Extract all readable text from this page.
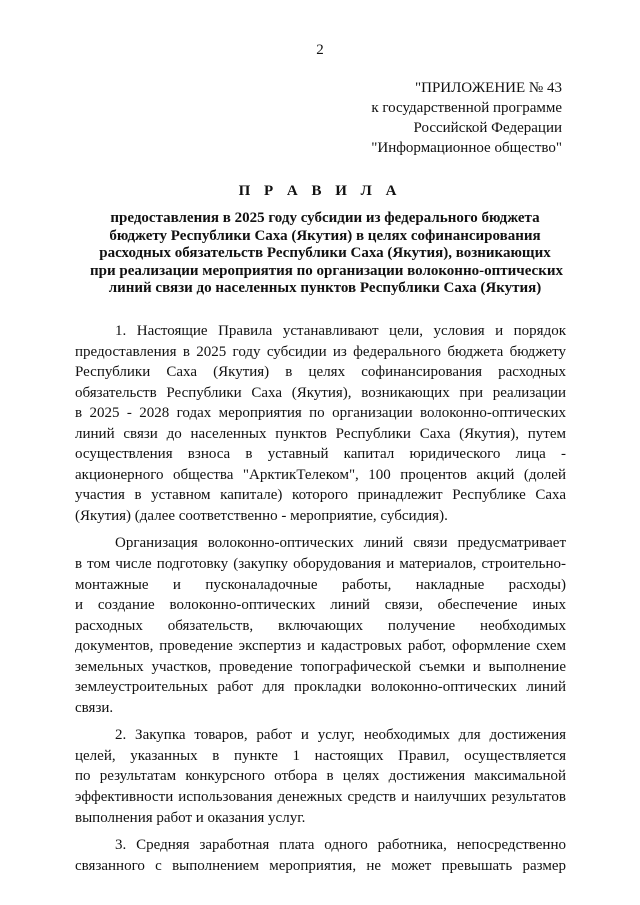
2
"ПРИЛОЖЕНИЕ № 43
к государственной программе
Российской Федерации
"Информационное общество"
П Р А В И Л А
предоставления в 2025 году субсидии из федерального бюджета
бюджету Республики Саха (Якутия) в целях софинансирования
расходных обязательств Республики Саха (Якутия), возникающих
при реализации мероприятия по организации волоконно-оптических
линий связи до населенных пунктов Республики Саха (Якутия)
1. Настоящие Правила устанавливают цели, условия и порядок
предоставления в 2025 году субсидии из федерального бюджета бюджету
Республики Саха (Якутия) в целях софинансирования расходных
обязательств Республики Саха (Якутия), возникающих при реализации
в 2025 - 2028 годах мероприятия по организации волоконно-оптических
линий связи до населенных пунктов Республики Саха (Якутия), путем
осуществления взноса в уставный капитал юридического лица -
акционерного общества "АрктикТелеком", 100 процентов акций (долей
участия в уставном капитале) которого принадлежит Республике Саха
(Якутия) (далее соответственно - мероприятие, субсидия).
Организация волоконно-оптических линий связи предусматривает
в том числе подготовку (закупку оборудования и материалов, строительно-
монтажные и пусконаладочные работы, накладные расходы)
и создание волоконно-оптических линий связи, обеспечение иных
расходных обязательств, включающих получение необходимых
документов, проведение экспертиз и кадастровых работ, оформление схем
земельных участков, проведение топографической съемки и выполнение
землеустроительных работ для прокладки волоконно-оптических линий
связи.
2. Закупка товаров, работ и услуг, необходимых для достижения
целей, указанных в пункте 1 настоящих Правил, осуществляется
по результатам конкурсного отбора в целях достижения максимальной
эффективности использования денежных средств и наилучших результатов
выполнения работ и оказания услуг.
3. Средняя заработная плата одного работника, непосредственно
связанного с выполнением мероприятия, не может превышать размер
